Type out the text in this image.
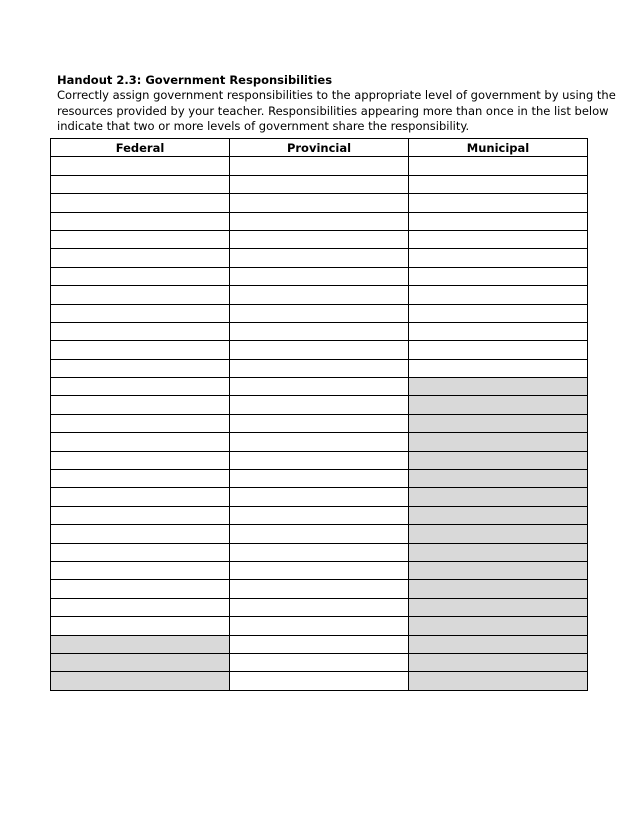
Handout 2.3: Government Responsibilities
Correctly assign government responsibilities to the appropriate level of government by using the
resources provided by your teacher. Responsibilities appearing more than once in the list below
indicate that two or more levels of government share the responsibility.
Federal	Provincial	Municipal
